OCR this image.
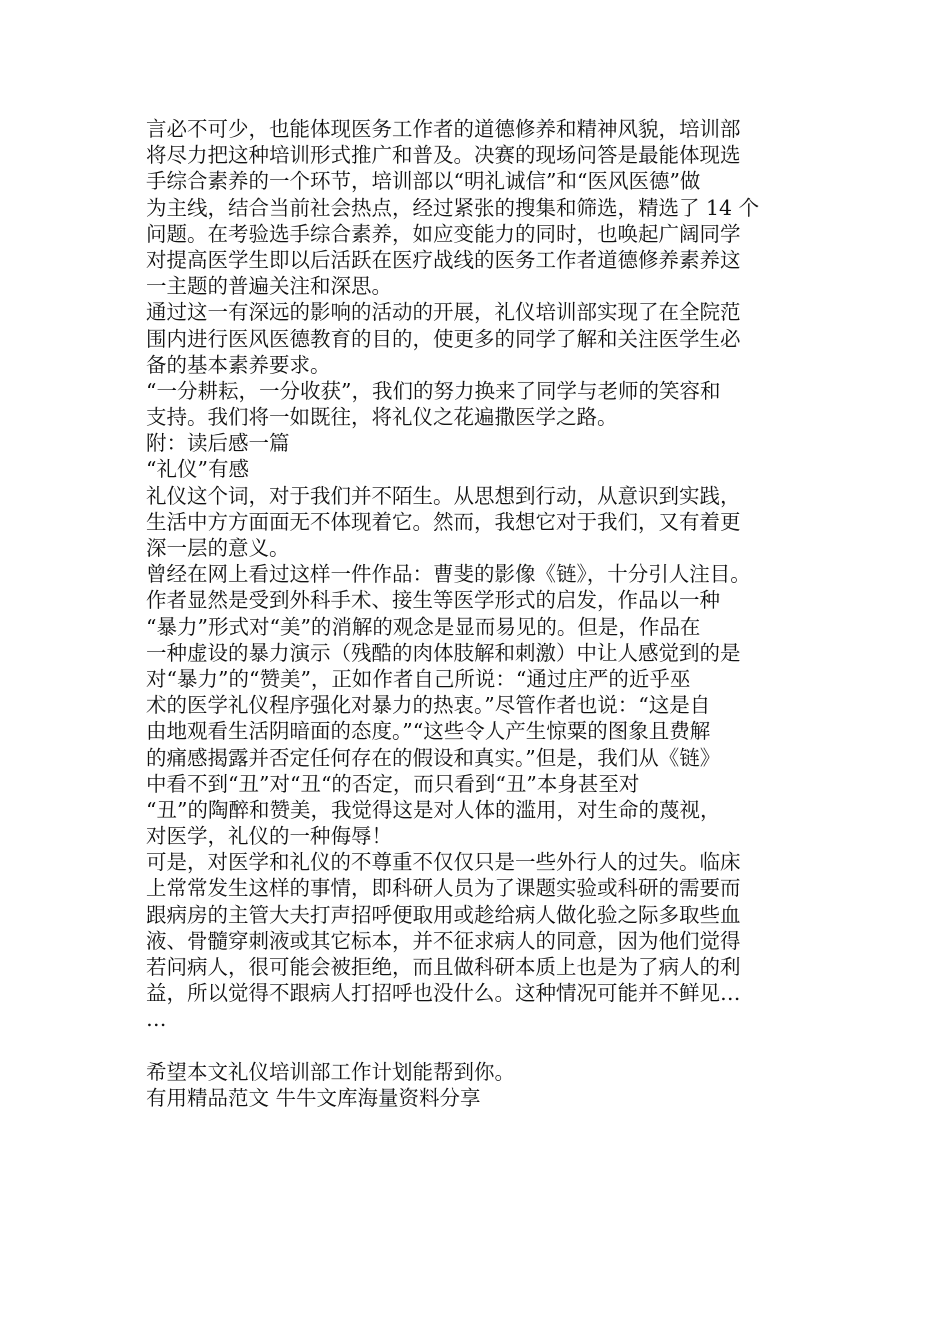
言必不可少，也能体现医务工作者的道德修养和精神风貌，培训部
将尽力把这种培训形式推广和普及。决赛的现场问答是最能体现选
手综合素养的一个环节，培训部以“明礼诚信”和“医风医德”做
为主线，结合当前社会热点，经过紧张的搜集和筛选，精选了 14 个
问题。在考验选手综合素养，如应变能力的同时，也唤起广阔同学
对提高医学生即以后活跃在医疗战线的医务工作者道德修养素养这
一主题的普遍关注和深思。
通过这一有深远的影响的活动的开展，礼仪培训部实现了在全院范
围内进行医风医德教育的目的，使更多的同学了解和关注医学生必
备的基本素养要求。
“一分耕耘，一分收获”，我们的努力换来了同学与老师的笑容和
支持。我们将一如既往，将礼仪之花遍撒医学之路。
附：读后感一篇
“礼仪”有感
礼仪这个词，对于我们并不陌生。从思想到行动，从意识到实践，
生活中方方面面无不体现着它。然而，我想它对于我们，又有着更
深一层的意义。
曾经在网上看过这样一件作品：曹斐的影像《链》，十分引人注目。
作者显然是受到外科手术、接生等医学形式的启发，作品以一种
“暴力”形式对“美”的消解的观念是显而易见的。但是，作品在
一种虚设的暴力演示（残酷的肉体肢解和刺激）中让人感觉到的是
对“暴力”的“赞美”，正如作者自己所说：“通过庄严的近乎巫
术的医学礼仪程序强化对暴力的热衷。”尽管作者也说：“这是自
由地观看生活阴暗面的态度。”“这些令人产生惊粟的图象且费解
的痛感揭露并否定任何存在的假设和真实。”但是，我们从《链》
中看不到“丑”对“丑“的否定，而只看到“丑”本身甚至对
“丑”的陶醉和赞美，我觉得这是对人体的滥用，对生命的蔑视，
对医学，礼仪的一种侮辱！
可是，对医学和礼仪的不尊重不仅仅只是一些外行人的过失。临床
上常常发生这样的事情，即科研人员为了课题实验或科研的需要而
跟病房的主管大夫打声招呼便取用或趁给病人做化验之际多取些血
液、骨髓穿刺液或其它标本，并不征求病人的同意，因为他们觉得
若问病人，很可能会被拒绝，而且做科研本质上也是为了病人的利
益，所以觉得不跟病人打招呼也没什么。这种情况可能并不鲜见…
…
希望本文礼仪培训部工作计划能帮到你。
有用精品范文 牛牛文库海量资料分享
